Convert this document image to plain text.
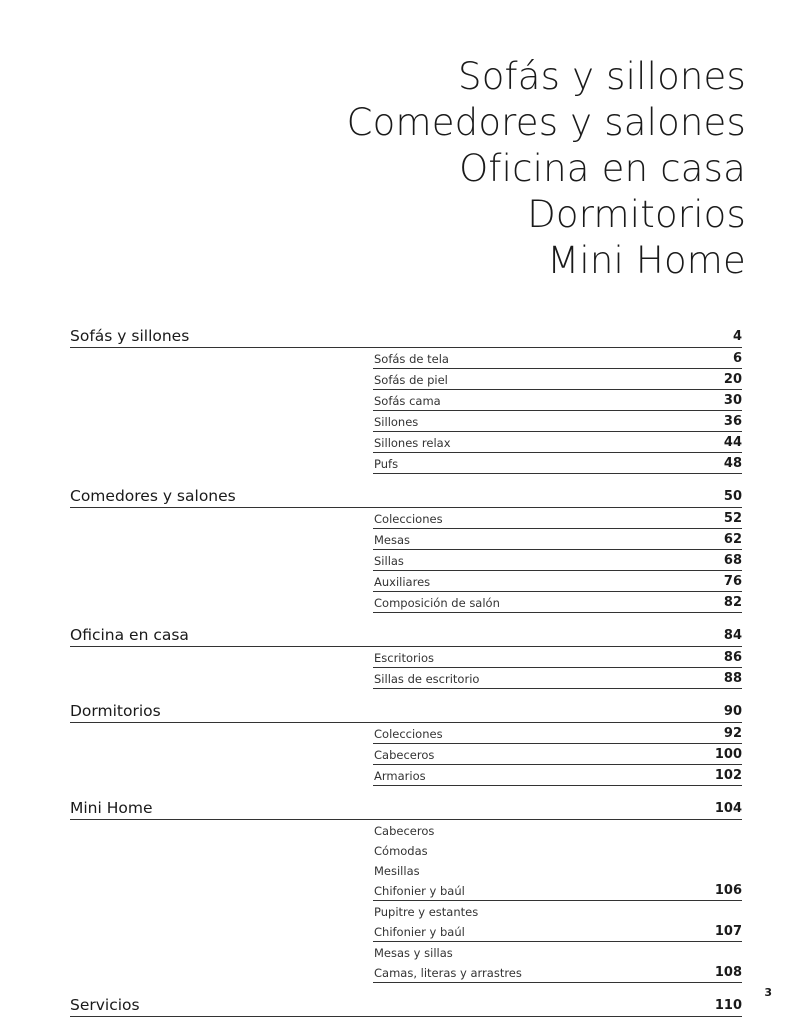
Sofás y sillones
Comedores y salones
Oficina en casa
Dormitorios
Mini Home
Sofás y sillones	4
Sofás de tela	6
Sofás de piel	20
Sofás cama	30
Sillones	36
Sillones relax	44
Pufs	48
Comedores y salones	50
Colecciones	52
Mesas	62
Sillas	68
Auxiliares	76
Composición de salón	82
Oficina en casa	84
Escritorios	86
Sillas de escritorio	88
Dormitorios	90
Colecciones	92
Cabeceros	100
Armarios	102
Mini Home	104
Cabeceros
Cómodas
Mesillas
Chifonier y baúl	106
Pupitre y estantes
Chifonier y baúl	107
Mesas y sillas
Camas, literas y arrastres	108
Servicios	110
3
